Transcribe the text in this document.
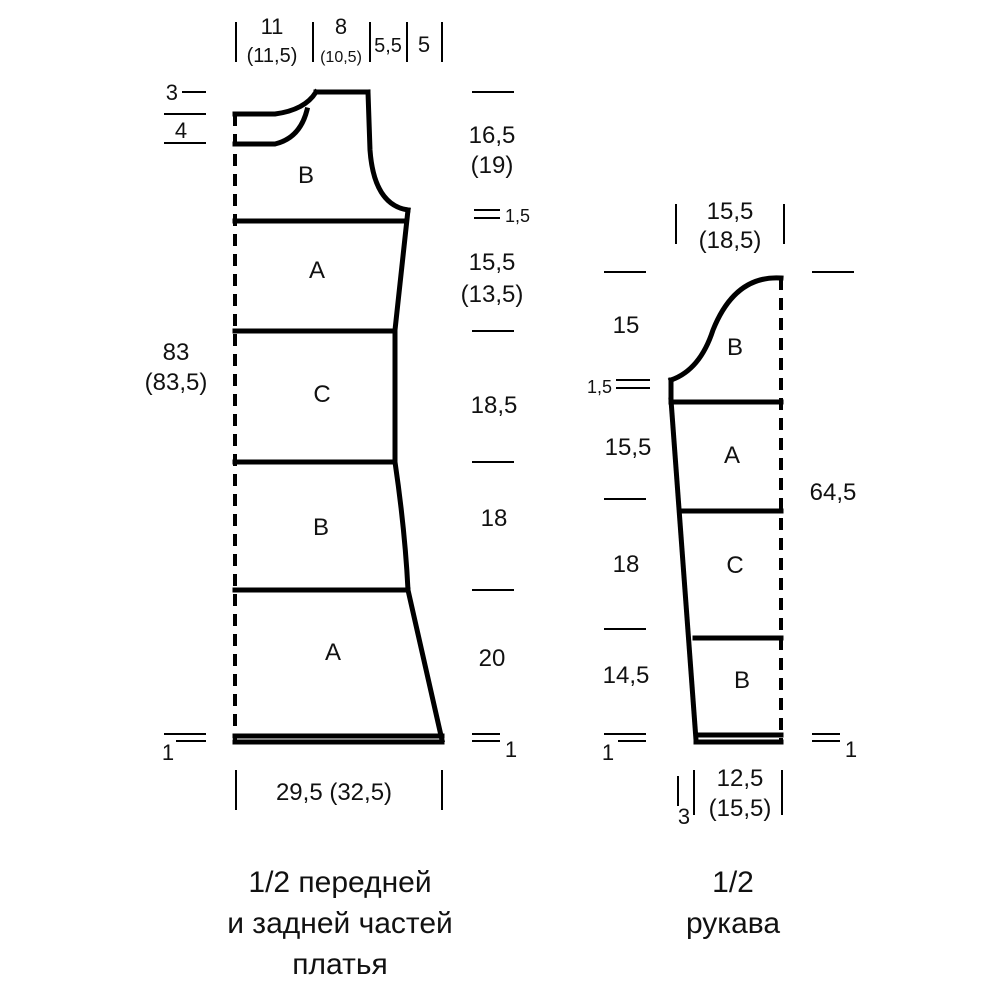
B
A
C
B
A
11
(11,5)
8
(10,5)
5,5 5
3
4
83
(83,5)
1
16,5
(19)
1,5
15,5
(13,5)
18,5
18
20
1
29,5 (32,5)
1/2 передней
и задней частей
платья
B
A
C
B
15,5
(18,5)
15
1,5
15,5
18
14,5
1
64,5
1
3
12,5
(15,5)
1/2
рукава
